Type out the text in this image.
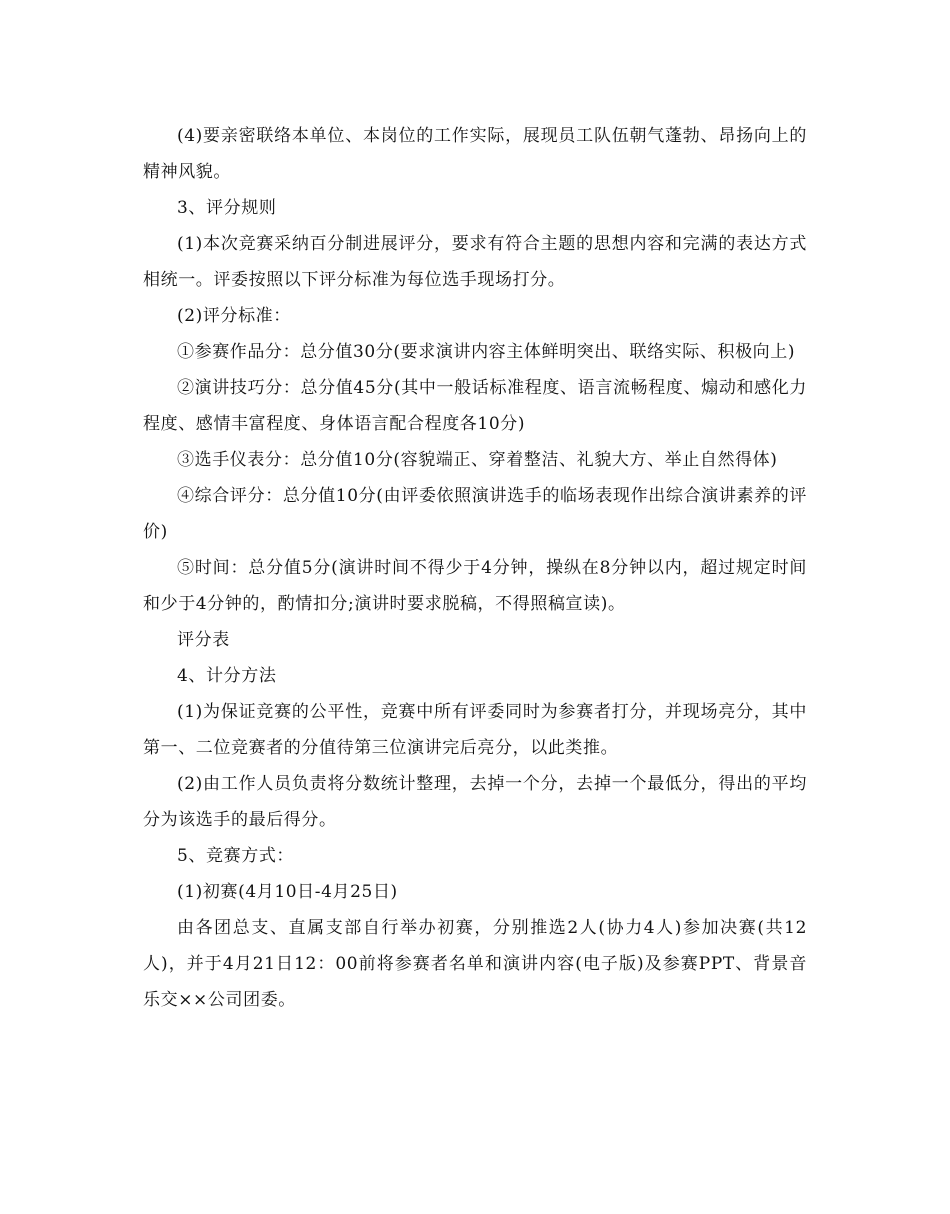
(4)要亲密联络本单位、本岗位的工作实际，展现员工队伍朝气蓬勃、昂扬向上的精神风貌。

3、评分规则

(1)本次竞赛采纳百分制进展评分，要求有符合主题的思想内容和完满的表达方式相统一。评委按照以下评分标准为每位选手现场打分。

(2)评分标准：

①参赛作品分：总分值30分(要求演讲内容主体鲜明突出、联络实际、积极向上)

②演讲技巧分：总分值45分(其中一般话标准程度、语言流畅程度、煽动和感化力程度、感情丰富程度、身体语言配合程度各10分)

③选手仪表分：总分值10分(容貌端正、穿着整洁、礼貌大方、举止自然得体)

④综合评分：总分值10分(由评委依照演讲选手的临场表现作出综合演讲素养的评价)

⑤时间：总分值5分(演讲时间不得少于4分钟，操纵在8分钟以内，超过规定时间和少于4分钟的，酌情扣分;演讲时要求脱稿，不得照稿宣读)。

评分表

4、计分方法

(1)为保证竞赛的公平性，竞赛中所有评委同时为参赛者打分，并现场亮分，其中第一、二位竞赛者的分值待第三位演讲完后亮分，以此类推。

(2)由工作人员负责将分数统计整理，去掉一个分，去掉一个最低分，得出的平均分为该选手的最后得分。

5、竞赛方式：

(1)初赛(4月10日-4月25日)

由各团总支、直属支部自行举办初赛，分别推选2人(协力4人)参加决赛(共12人)，并于4月21日12：00前将参赛者名单和演讲内容(电子版)及参赛PPT、背景音乐交××公司团委。
